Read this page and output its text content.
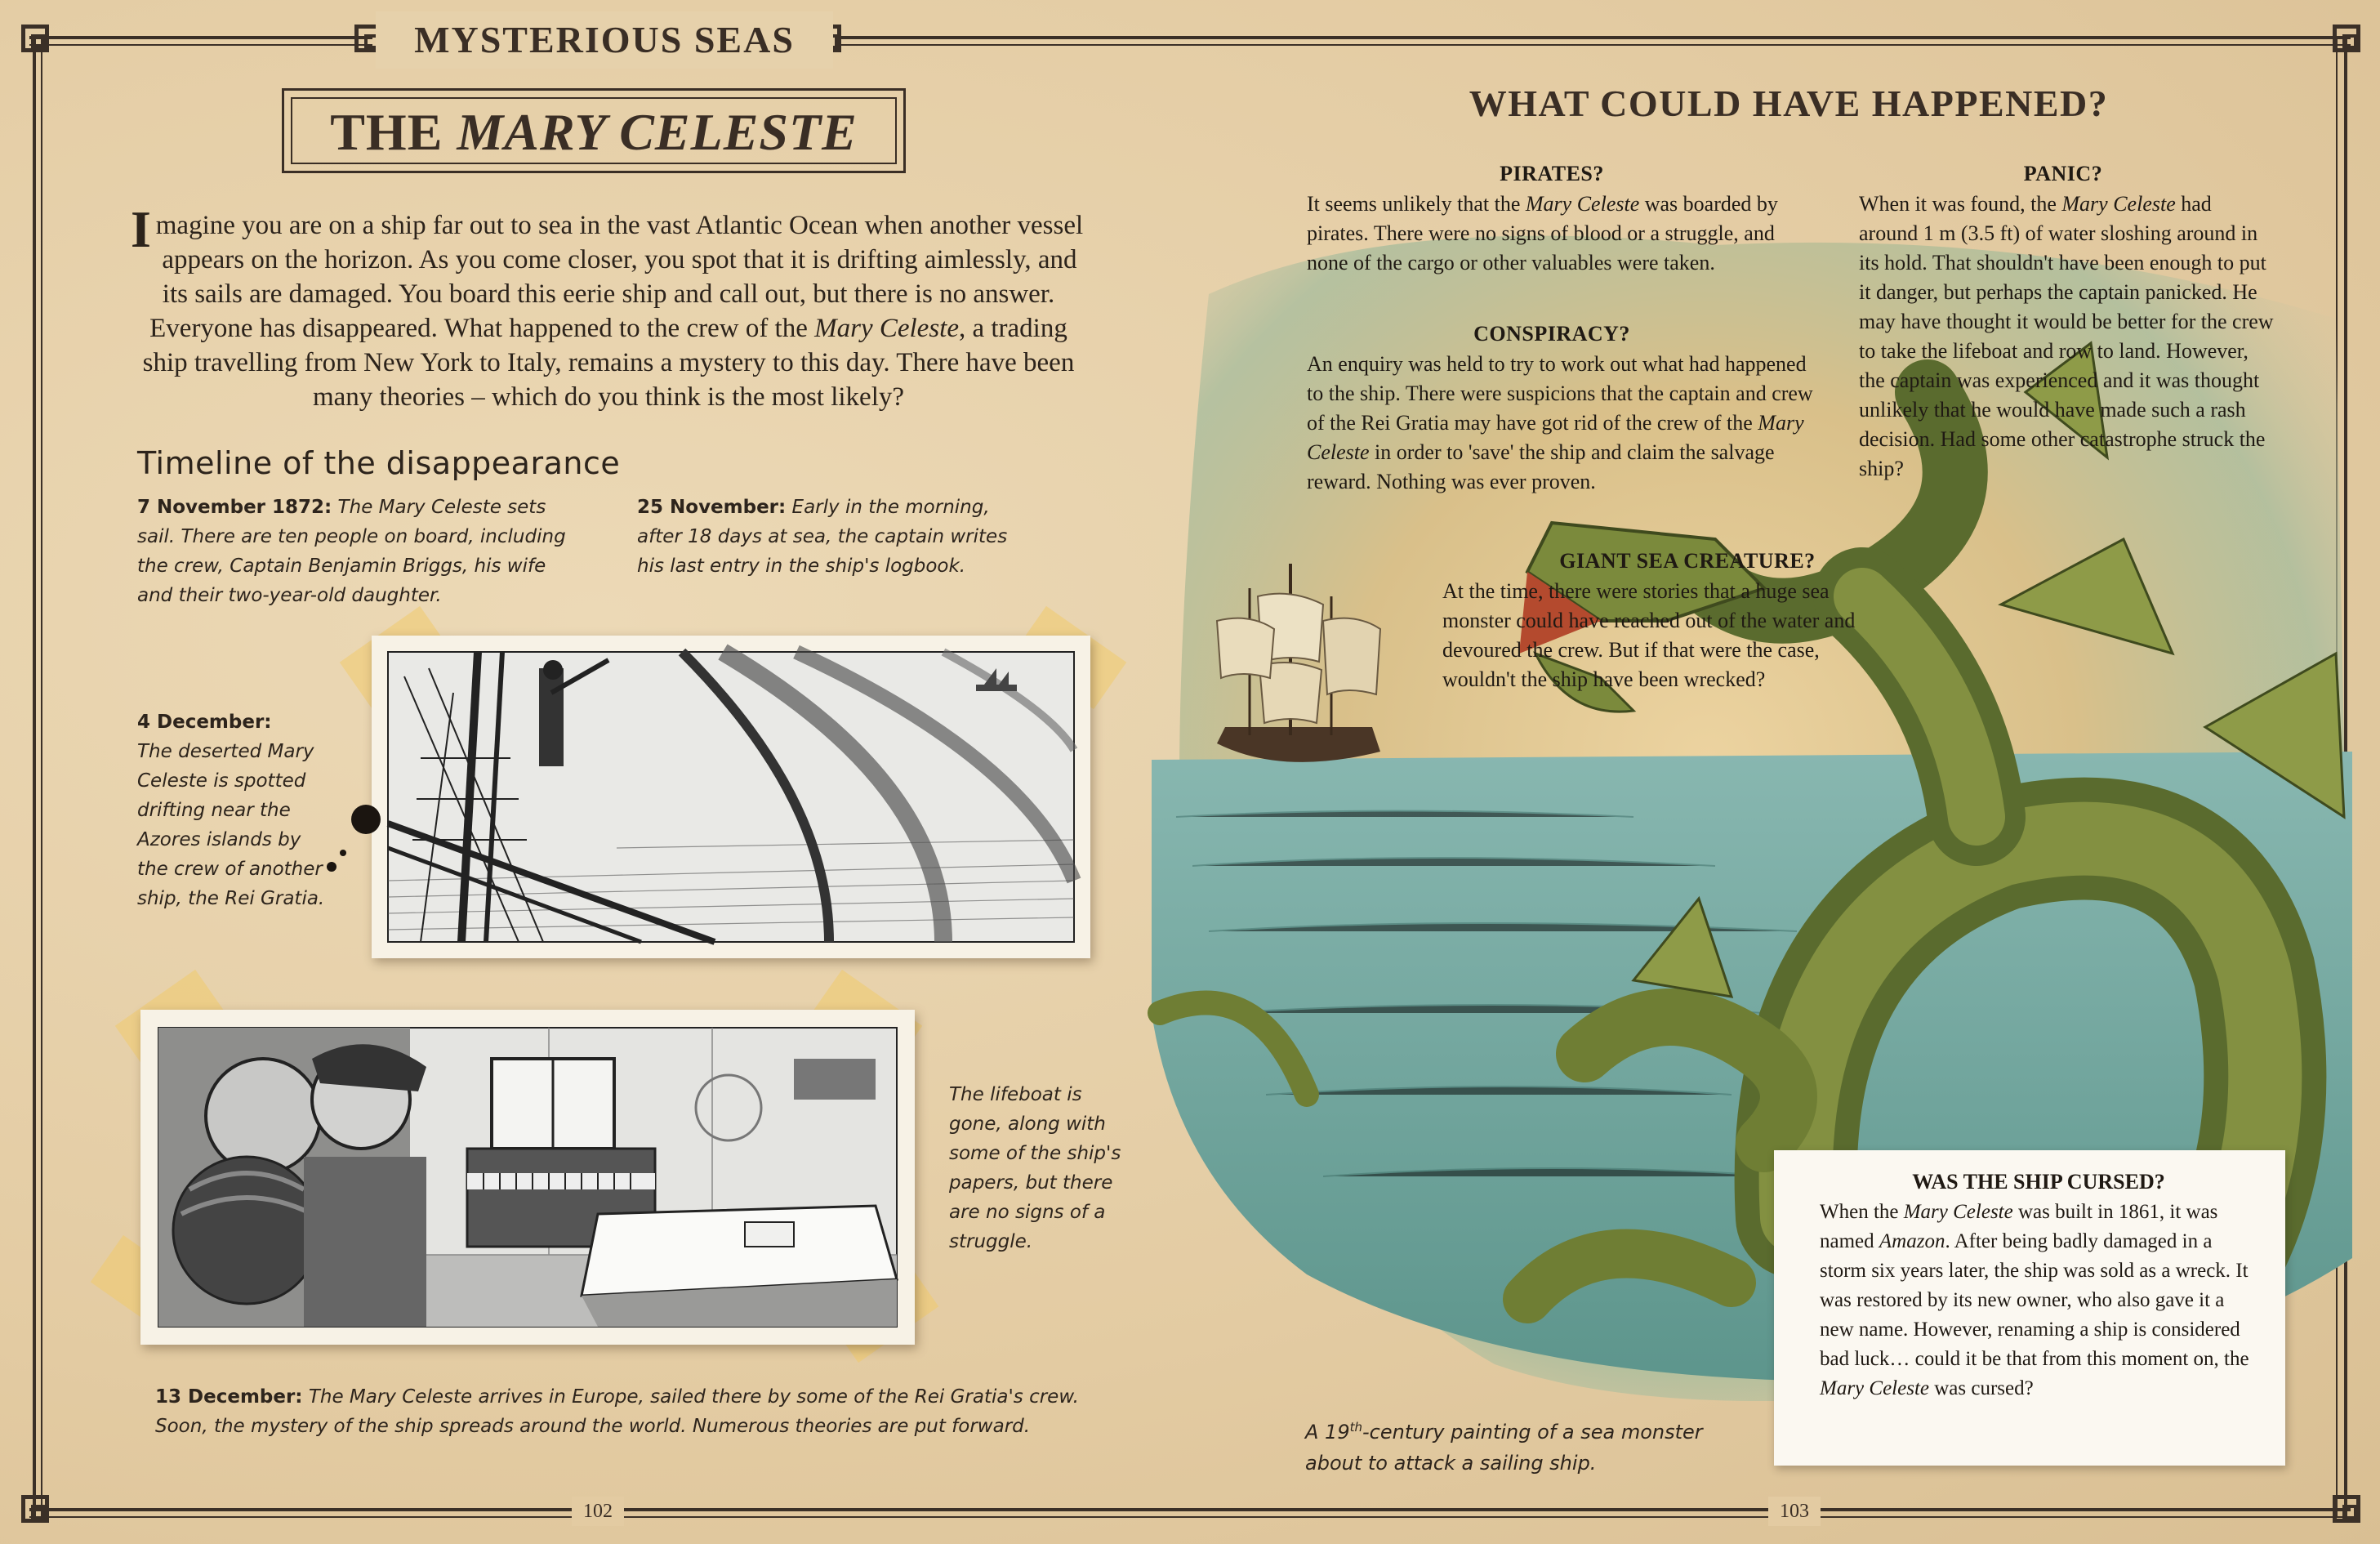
MYSTERIOUS SEAS
THE MARY CELESTE
Imagine you are on a ship far out to sea in the vast Atlantic Ocean when another vessel appears on the horizon. As you come closer, you spot that it is drifting aimlessly, and its sails are damaged. You board this eerie ship and call out, but there is no answer. Everyone has disappeared. What happened to the crew of the Mary Celeste, a trading ship travelling from New York to Italy, remains a mystery to this day. There have been many theories – which do you think is the most likely?
Timeline of the disappearance
7 November 1872: The Mary Celeste sets sail. There are ten people on board, including the crew, Captain Benjamin Briggs, his wife and their two-year-old daughter.
25 November: Early in the morning, after 18 days at sea, the captain writes his last entry in the ship's logbook.
4 December:
The deserted Mary Celeste is spotted drifting near the Azores islands by the crew of another ship, the Rei Gratia.
The lifeboat is gone, along with some of the ship's papers, but there are no signs of a struggle.
13 December: The Mary Celeste arrives in Europe, sailed there by some of the Rei Gratia's crew. Soon, the mystery of the ship spreads around the world. Numerous theories are put forward.
WHAT COULD HAVE HAPPENED?
PIRATES?
It seems unlikely that the Mary Celeste was boarded by pirates. There were no signs of blood or a struggle, and none of the cargo or other valuables were taken.
CONSPIRACY?
An enquiry was held to try to work out what had happened to the ship. There were suspicions that the captain and crew of the Rei Gratia may have got rid of the crew of the Mary Celeste in order to 'save' the ship and claim the salvage reward. Nothing was ever proven.
PANIC?
When it was found, the Mary Celeste had around 1 m (3.5 ft) of water sloshing around in its hold. That shouldn't have been enough to put it danger, but perhaps the captain panicked. He may have thought it would be better for the crew to take the lifeboat and row to land. However, the captain was experienced and it was thought unlikely that he would have made such a rash decision. Had some other catastrophe struck the ship?
GIANT SEA CREATURE?
At the time, there were stories that a huge sea monster could have reached out of the water and devoured the crew. But if that were the case, wouldn't the ship have been wrecked?
WAS THE SHIP CURSED?
When the Mary Celeste was built in 1861, it was named Amazon. After being badly damaged in a storm six years later, the ship was sold as a wreck. It was restored by its new owner, who also gave it a new name. However, renaming a ship is considered bad luck… could it be that from this moment on, the Mary Celeste was cursed?
A 19th-century painting of a sea monster about to attack a sailing ship.
102	103
